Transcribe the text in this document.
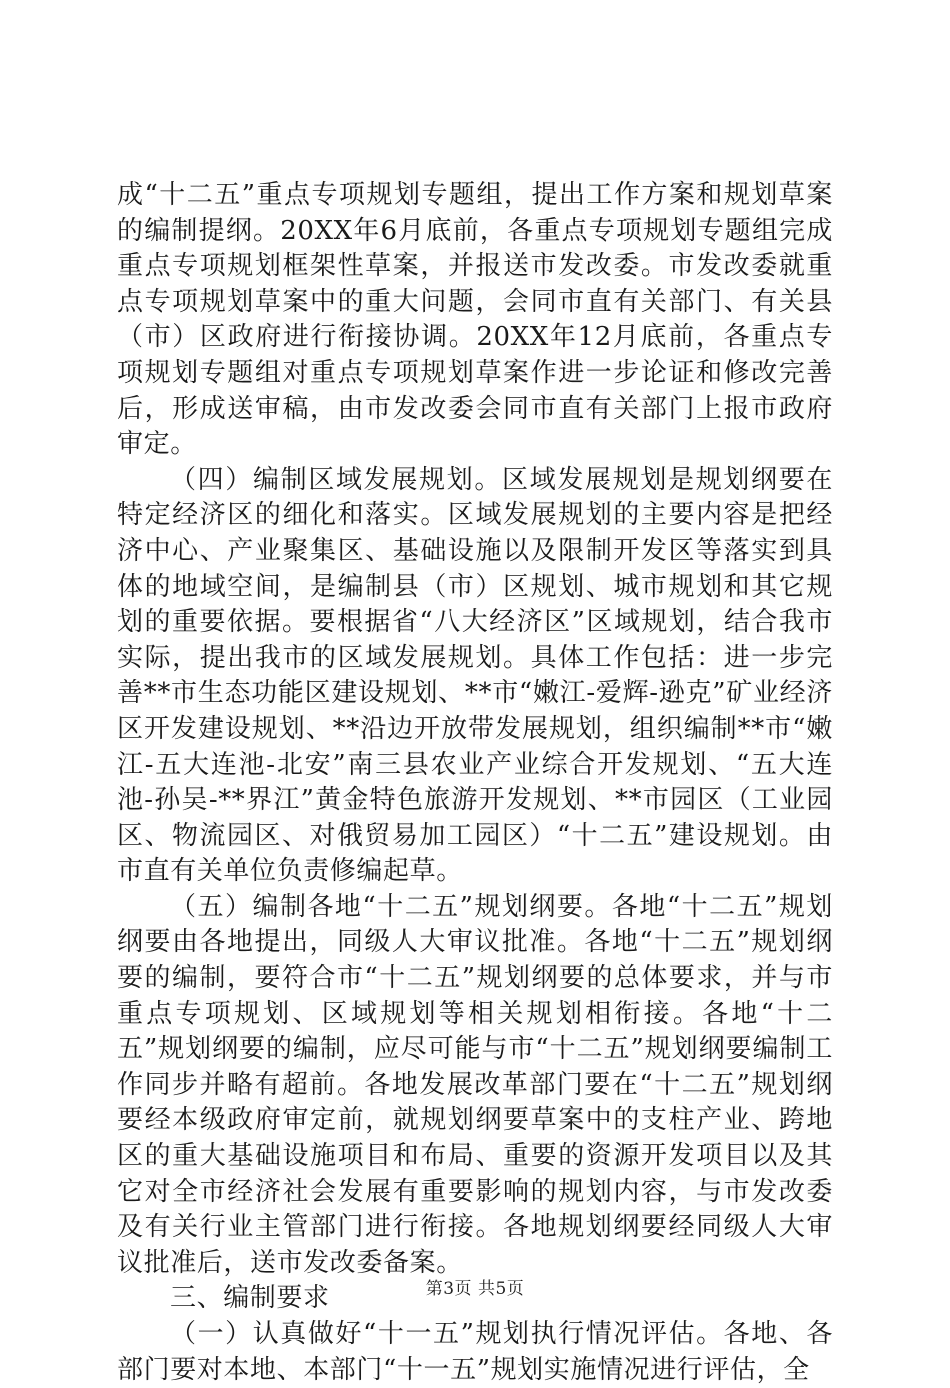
成“十二五”重点专项规划专题组，提出工作方案和规划草案的编制提纲。20XX年6月底前，各重点专项规划专题组完成重点专项规划框架性草案，并报送市发改委。市发改委就重点专项规划草案中的重大问题，会同市直有关部门、有关县（市）区政府进行衔接协调。20XX年12月底前，各重点专项规划专题组对重点专项规划草案作进一步论证和修改完善后，形成送审稿，由市发改委会同市直有关部门上报市政府审定。

（四）编制区域发展规划。区域发展规划是规划纲要在特定经济区的细化和落实。区域发展规划的主要内容是把经济中心、产业聚集区、基础设施以及限制开发区等落实到具体的地域空间，是编制县（市）区规划、城市规划和其它规划的重要依据。要根据省“八大经济区”区域规划，结合我市实际，提出我市的区域发展规划。具体工作包括：进一步完善**市生态功能区建设规划、**市“嫩江-爱辉-逊克”矿业经济区开发建设规划、**沿边开放带发展规划，组织编制**市“嫩江-五大连池-北安”南三县农业产业综合开发规划、“五大连池-孙吴-**界江”黄金特色旅游开发规划、**市园区（工业园区、物流园区、对俄贸易加工园区）“十二五”建设规划。由市直有关单位负责修编起草。

（五）编制各地“十二五”规划纲要。各地“十二五”规划纲要由各地提出，同级人大审议批准。各地“十二五”规划纲要的编制，要符合市“十二五”规划纲要的总体要求，并与市重点专项规划、区域规划等相关规划相衔接。各地“十二五”规划纲要的编制，应尽可能与市“十二五”规划纲要编制工作同步并略有超前。各地发展改革部门要在“十二五”规划纲要经本级政府审定前，就规划纲要草案中的支柱产业、跨地区的重大基础设施项目和布局、重要的资源开发项目以及其它对全市经济社会发展有重要影响的规划内容，与市发改委及有关行业主管部门进行衔接。各地规划纲要经同级人大审议批准后，送市发改委备案。

三、编制要求

（一）认真做好“十一五”规划执行情况评估。各地、各部门要对本地、本部门“十一五”规划实施情况进行评估，全

第3页 共5页
